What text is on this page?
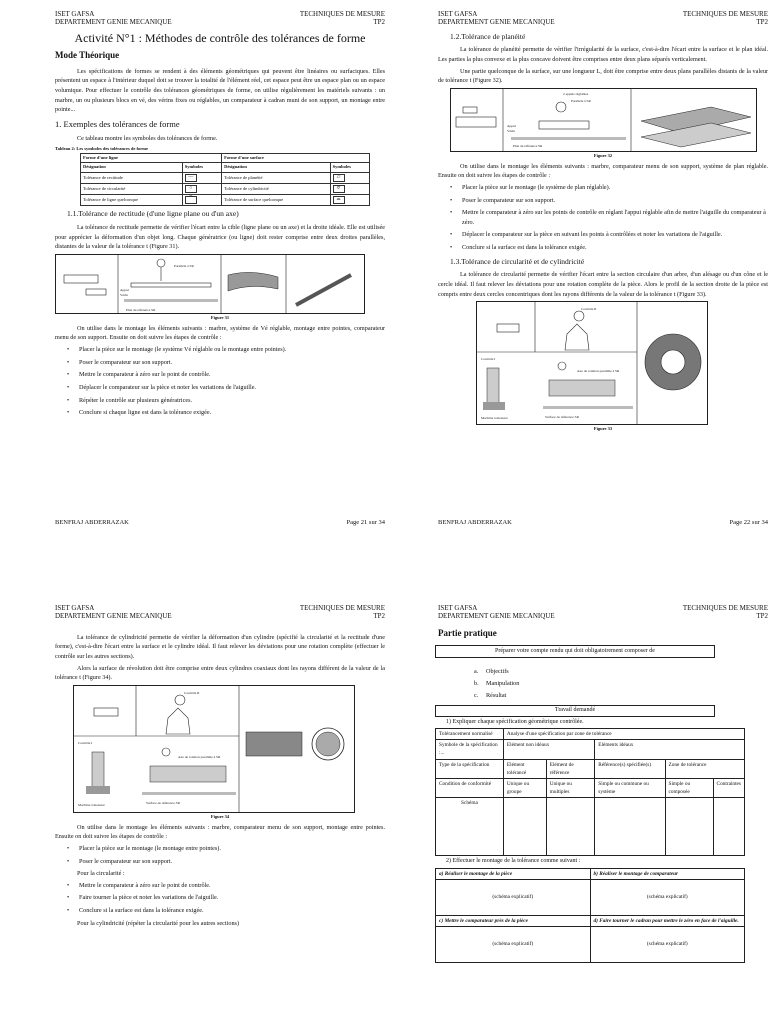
ISET GAFSA
DEPARTEMENT GENIE MECANIQUE
TECHNIQUES DE MESURE
TP2
Activité N°1 : Méthodes de contrôle des tolérances de forme
Mode Théorique

Les spécifications de formes se rendent à des éléments géométriques qui peuvent être linéaires ou surfaciques. Elles présentent un espace à l'intérieur duquel doit se trouver la totalité de l'élément réel, cet espace peut être un espace plan ou un espace volumique. Pour effectuer le contrôle des tolérances géométriques de forme, on utilise régulièrement les matériels suivants : un marbre, un ou plusieurs blocs en vé, des vérins fixes ou réglables, un comparateur à cadran muni de son support, un montage entre pointe...

1. Exemples des tolérances de forme

Ce tableau montre les symboles des tolérances de forme.

Tableau 2: Les symboles des tolérances de forme
Forme d'une ligne		Forme d'une surface	
Désignation	Symboles	Désignation	Symboles
Tolérance de rectitude	—	Tolérance de planéité	▱
Tolérance de circularité	○	Tolérance de cylindricité	⌭
Tolérance de ligne quelconque	⌒	Tolérance de surface quelconque	⌓
1.1.Tolérance de rectitude (d'une ligne plane ou d'un axe)

La tolérance de rectitude permette de vérifier l'écart entre la cible (ligne plane ou un axe) et la droite idéale. Elle est utilisée pour apprécier la déformation d'un objet long. Chaque génératrice (ou ligne) doit rester comprise entre deux droites parallèles, distantes de la valeur de la tolérance t (Figure 31).

Parallèle à SR
Plan de référence SR
Appui
Vérin
Figure 31

On utilise dans le montage les éléments suivants : marbre, système de Vé réglable, montage entre pointes, comparateur menu de son support. Ensuite on doit suivre les étapes de contrôle :

• Placer la pièce sur le montage (le système Vé réglable ou le montage entre pointes).
• Poser le comparateur sur son support.
• Mettre le comparateur à zéro sur le point de contrôle.
• Déplacer le comparateur sur la pièce et noter les variations de l'aiguille.
• Répéter le contrôle sur plusieurs génératrices.
• Conclure si chaque ligne est dans la tolérance exigée.
BENFRAJ ABDERRAZAK	Page 21 sur 34
ISET GAFSA
DEPARTEMENT GENIE MECANIQUE
TECHNIQUES DE MESURE
TP2
1.2.Tolérance de planéité

La tolérance de planéité permette de vérifier l'irrégularité de la surface, c'est-à-dire l'écart entre la surface et le plan idéal. Les parties la plus convexe et la plus concave doivent être comprises entre deux plans séparés verticalement.

Une partie quelconque de la surface, sur une longueur L, doit être comprise entre deux plans parallèles distants de la valeur de tolérance t (Figure 32).

2 appuis réglables
Parallèle à SR
Appui
Vérin
Plan de référence SR
Figure 32

On utilise dans le montage les éléments suivants : marbre, comparateur menu de son support, système de plan réglable. Ensuite on doit suivre les étapes de contrôle :

• Placer la pièce sur le montage (le système de plan réglable).
• Poser le comparateur sur son support.
• Mettre le comparateur à zéro sur les points de contrôle en réglant l'appui réglable afin de mettre l'aiguille du comparateur à zéro.
• Déplacer le comparateur sur la pièce en suivant les points à contrôlées et noter les variations de l'aiguille.
• Conclure si la surface est dans la tolérance exigée.
1.3.Tolérance de circularité et de cylindricité

La tolérance de circularité permette de vérifier l'écart entre la section circulaire d'un arbre, d'un alésage ou d'un cône et le cercle idéal. Il faut relever les déviations pour une rotation complète de la pièce. Alors le profil de la section droite de la pièce est compris entre deux cercles concentriques dont les rayons différents de la valeur de la tolérance t (Figure 33).

Contrôle II
Contrôle I
Machine à mesurer	Surface de référence SR
Axe de rotation parallèle à SR
Figure 33
BENFRAJ ABDERRAZAK	Page 22 sur 34
ISET GAFSA
DEPARTEMENT GENIE MECANIQUE
TECHNIQUES DE MESURE
TP2

La tolérance de cylindricité permette de vérifier la déformation d'un cylindre (spécifié la circularité et la rectitude d'une forme), c'est-à-dire l'écart entre la surface et le cylindre idéal. Il faut relever les déviations pour une rotation complète (effectuer le contrôle sur les autres sections).

Alors la surface de révolution doit être comprise entre deux cylindres coaxiaux dont les rayons différent de la valeur de la tolérance t (Figure 34).

Contrôle II
Contrôle I
Machine à mesurer	Surface de référence SR
Axe de rotation parallèle à SR
Figure 34

On utilise dans le montage les éléments suivants : marbre, comparateur menu de son support, montage entre pointes. Ensuite on doit suivre les étapes de contrôle :

• Placer la pièce sur le montage (le montage entre pointes).
• Poser le comparateur sur son support.

Pour la circularité :

• Mettre le comparateur à zéro sur le point de contrôle.
• Faire tourner la pièce et noter les variations de l'aiguille.
• Conclure si la surface est dans la tolérance exigée.

Pour la cylindricité (répéter la circularité pour les autres sections)

ISET GAFSA
DEPARTEMENT GENIE MECANIQUE
TECHNIQUES DE MESURE
TP2
Partie pratique
Préparer votre compte rendu qui doit obligatoirement composer de
a. Objectifs
b. Manipulation
c. Résultat
Travail demandé
1) Expliquer chaque spécification géométrique contrôlée.
Tolérancement normalisé	Analyse d'une spécification par zone de tolérance				
Symbole de la spécification :...	Elément non idéaux		Eléments idéaux		
Type de la spécification	Elément tolérancé	Elément de référence	Référence(s) spécifiée(s)	Zone de tolérance	
Condition de conformité	Unique ou groupe	Unique ou multiples	Simple ou commune ou système	Simple ou composée	Contraintes
Schéma					
2) Effectuer le montage de la tolérance comme suivant :
a) Réaliser le montage de la pièce	b) Réaliser le montage de comparateur
(schéma explicatif)	(schéma explicatif)
c) Mettre le comparateur près de la pièce	d) Faire tourner le cadran pour mettre le zéro en face de l'aiguille.
(schéma explicatif)	(schéma explicatif)
